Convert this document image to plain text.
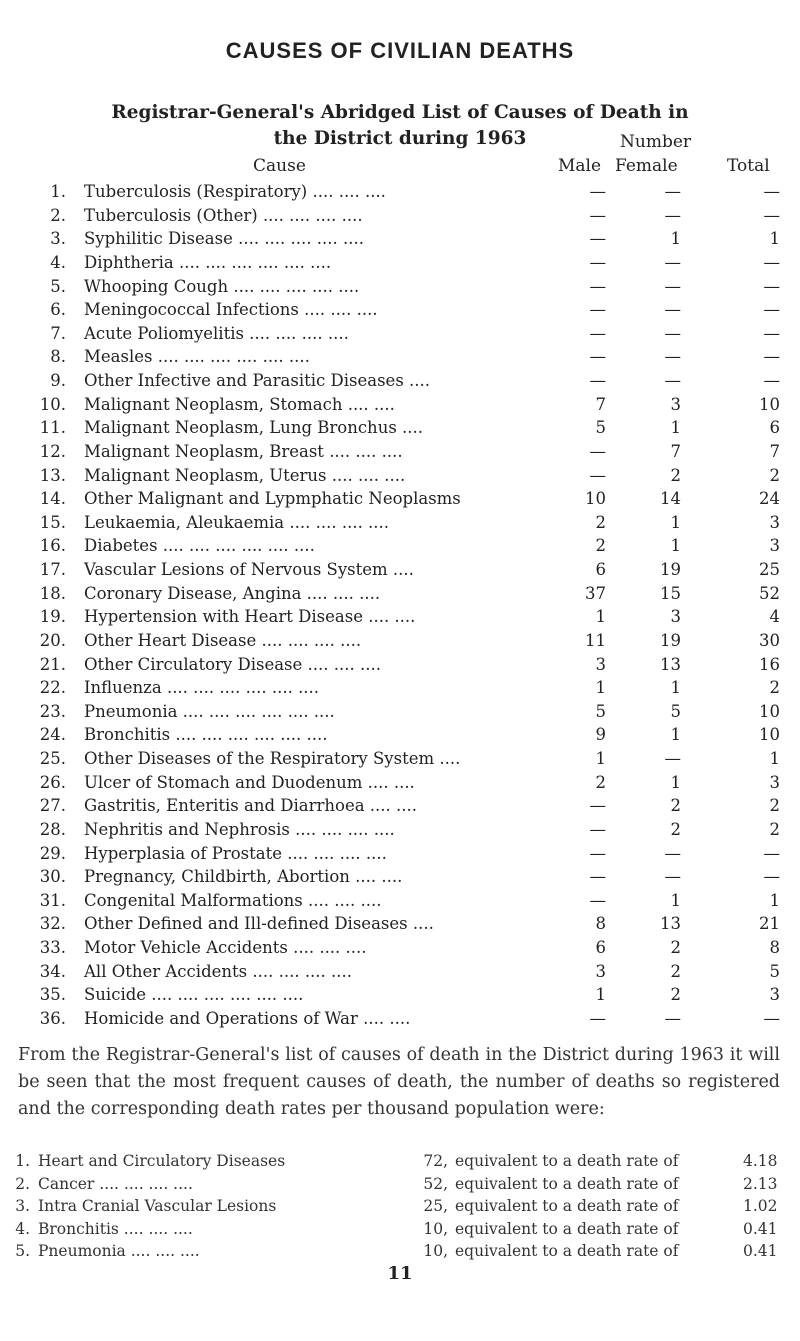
CAUSES OF CIVILIAN DEATHS
Registrar-General's Abridged List of Causes of Death in
the District during 1963	Number
Cause	Male Female	Total
1. Tuberculosis (Respiratory) .... .... ....	—	—	—
2. Tuberculosis (Other) .... .... .... ....	—	—	—
3. Syphilitic Disease .... .... .... .... ....	—	1	1
4. Diphtheria .... .... .... .... .... ....	—	—	—
5. Whooping Cough .... .... .... .... ....	—	—	—
6. Meningococcal Infections .... .... ....	—	—	—
7. Acute Poliomyelitis .... .... .... ....	—	—	—
8. Measles .... .... .... .... .... ....	—	—	—
9. Other Infective and Parasitic Diseases ....	—	—	—
10. Malignant Neoplasm, Stomach .... ....	7	3	10
11. Malignant Neoplasm, Lung Bronchus ....	5	1	6
12. Malignant Neoplasm, Breast .... .... ....	—	7	7
13. Malignant Neoplasm, Uterus .... .... ....	—	2	2
14. Other Malignant and Lypmphatic Neoplasms	10	14	24
15. Leukaemia, Aleukaemia .... .... .... ....	2	1	3
16. Diabetes .... .... .... .... .... ....	2	1	3
17. Vascular Lesions of Nervous System ....	6	19	25
18. Coronary Disease, Angina .... .... ....	37	15	52
19. Hypertension with Heart Disease .... ....	1	3	4
20. Other Heart Disease .... .... .... ....	11	19	30
21. Other Circulatory Disease .... .... ....	3	13	16
22. Influenza .... .... .... .... .... ....	1	1	2
23. Pneumonia .... .... .... .... .... ....	5	5	10
24. Bronchitis .... .... .... .... .... ....	9	1	10
25. Other Diseases of the Respiratory System ....	1	—	1
26. Ulcer of Stomach and Duodenum .... ....	2	1	3
27. Gastritis, Enteritis and Diarrhoea .... ....	—	2	2
28. Nephritis and Nephrosis .... .... .... ....	—	2	2
29. Hyperplasia of Prostate .... .... .... ....	—	—	—
30. Pregnancy, Childbirth, Abortion .... ....	—	—	—
31. Congenital Malformations .... .... ....	—	1	1
32. Other Defined and Ill-defined Diseases ....	8	13	21
33. Motor Vehicle Accidents .... .... ....	6	2	8
34. All Other Accidents .... .... .... ....	3	2	5
35. Suicide .... .... .... .... .... ....	1	2	3
36. Homicide and Operations of War .... ....	—	—	—
From the Registrar-General's list of causes of death in the District during 1963 it will be seen that the most frequent causes of death, the number of deaths so registered and the corresponding death rates per thousand population were:
1. Heart and Circulatory Diseases	72, equivalent to a death rate of	4.18
2. Cancer .... .... .... ....	52, equivalent to a death rate of	2.13
3. Intra Cranial Vascular Lesions	25, equivalent to a death rate of	1.02
4. Bronchitis .... .... ....	10, equivalent to a death rate of	0.41
5. Pneumonia .... .... ....	10, equivalent to a death rate of	0.41
11
